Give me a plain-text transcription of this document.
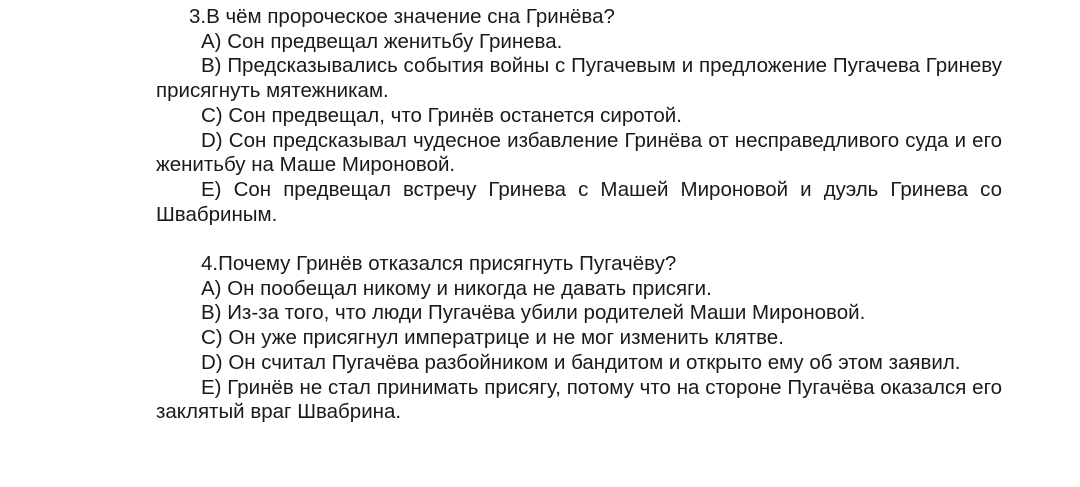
3.В чём пророческое значение сна Гринёва?
A) Сон предвещал женитьбу Гринева.
B) Предсказывались события войны с Пугачевым и предложение Пугачева Гриневу присягнуть мятежникам.
C) Сон предвещал, что Гринёв останется сиротой.
D) Сон предсказывал чудесное избавление Гринёва от несправедливого суда и его женитьбу на Маше Мироновой.
E) Сон предвещал встречу Гринева с Машей Мироновой и дуэль Гринева со Швабриным.
4.Почему Гринёв отказался присягнуть Пугачёву?
A) Он пообещал никому и никогда не давать присяги.
B) Из-за того, что люди Пугачёва убили родителей Маши Мироновой.
C) Он уже присягнул императрице и не мог изменить клятве.
D) Он считал Пугачёва разбойником и бандитом и открыто ему об этом заявил.
E) Гринёв не стал принимать присягу, потому что на стороне Пугачёва оказался его заклятый враг Швабрина.
